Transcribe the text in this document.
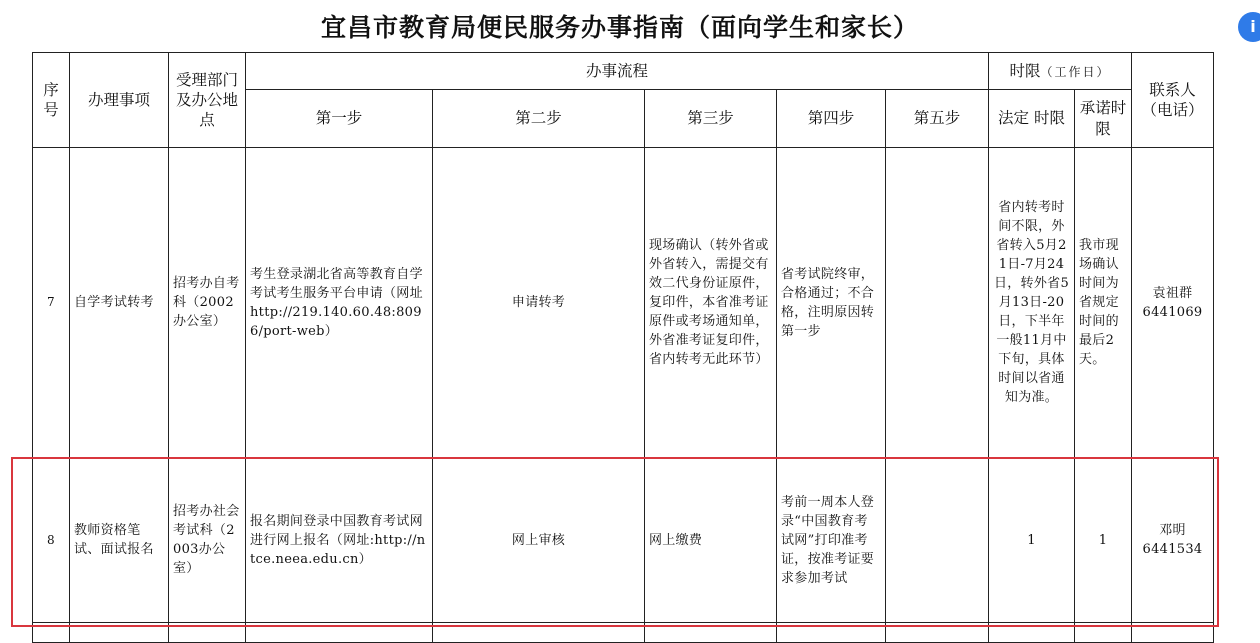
宜昌市教育局便民服务办事指南（面向学生和家长）	i
序号	办理事项	受理部门及办公地点	办事流程					时限（工作日）		联系人（电话）
			第一步	第二步	第三步	第四步	第五步	法定 时限	承诺时限	
7	自学考试转考	招考办自考科（2002办公室）	考生登录湖北省高等教育自学考试考生服务平台申请（网址http://219.140.60.48:8096/port-web）	申请转考	现场确认（转外省或外省转入，需提交有效二代身份证原件，复印件，本省准考证原件或考场通知单，外省准考证复印件，省内转考无此环节）	省考试院终审，合格通过；不合格，注明原因转第一步		省内转考时间不限，外省转入5月21日-7月24日，转外省5月13日-20日，下半年一般11月中下旬，具体时间以省通知为准。	我市现场确认时间为省规定时间的最后2天。	袁祖群
6441069
8	教师资格笔试、面试报名	招考办社会考试科（2003办公室）	报名期间登录中国教育考试网进行网上报名（网址:http://ntce.neea.edu.cn）	网上审核	网上缴费	考前一周本人登录“中国教育考试网”打印准考证，按准考证要求参加考试		1	1	邓明
6441534
